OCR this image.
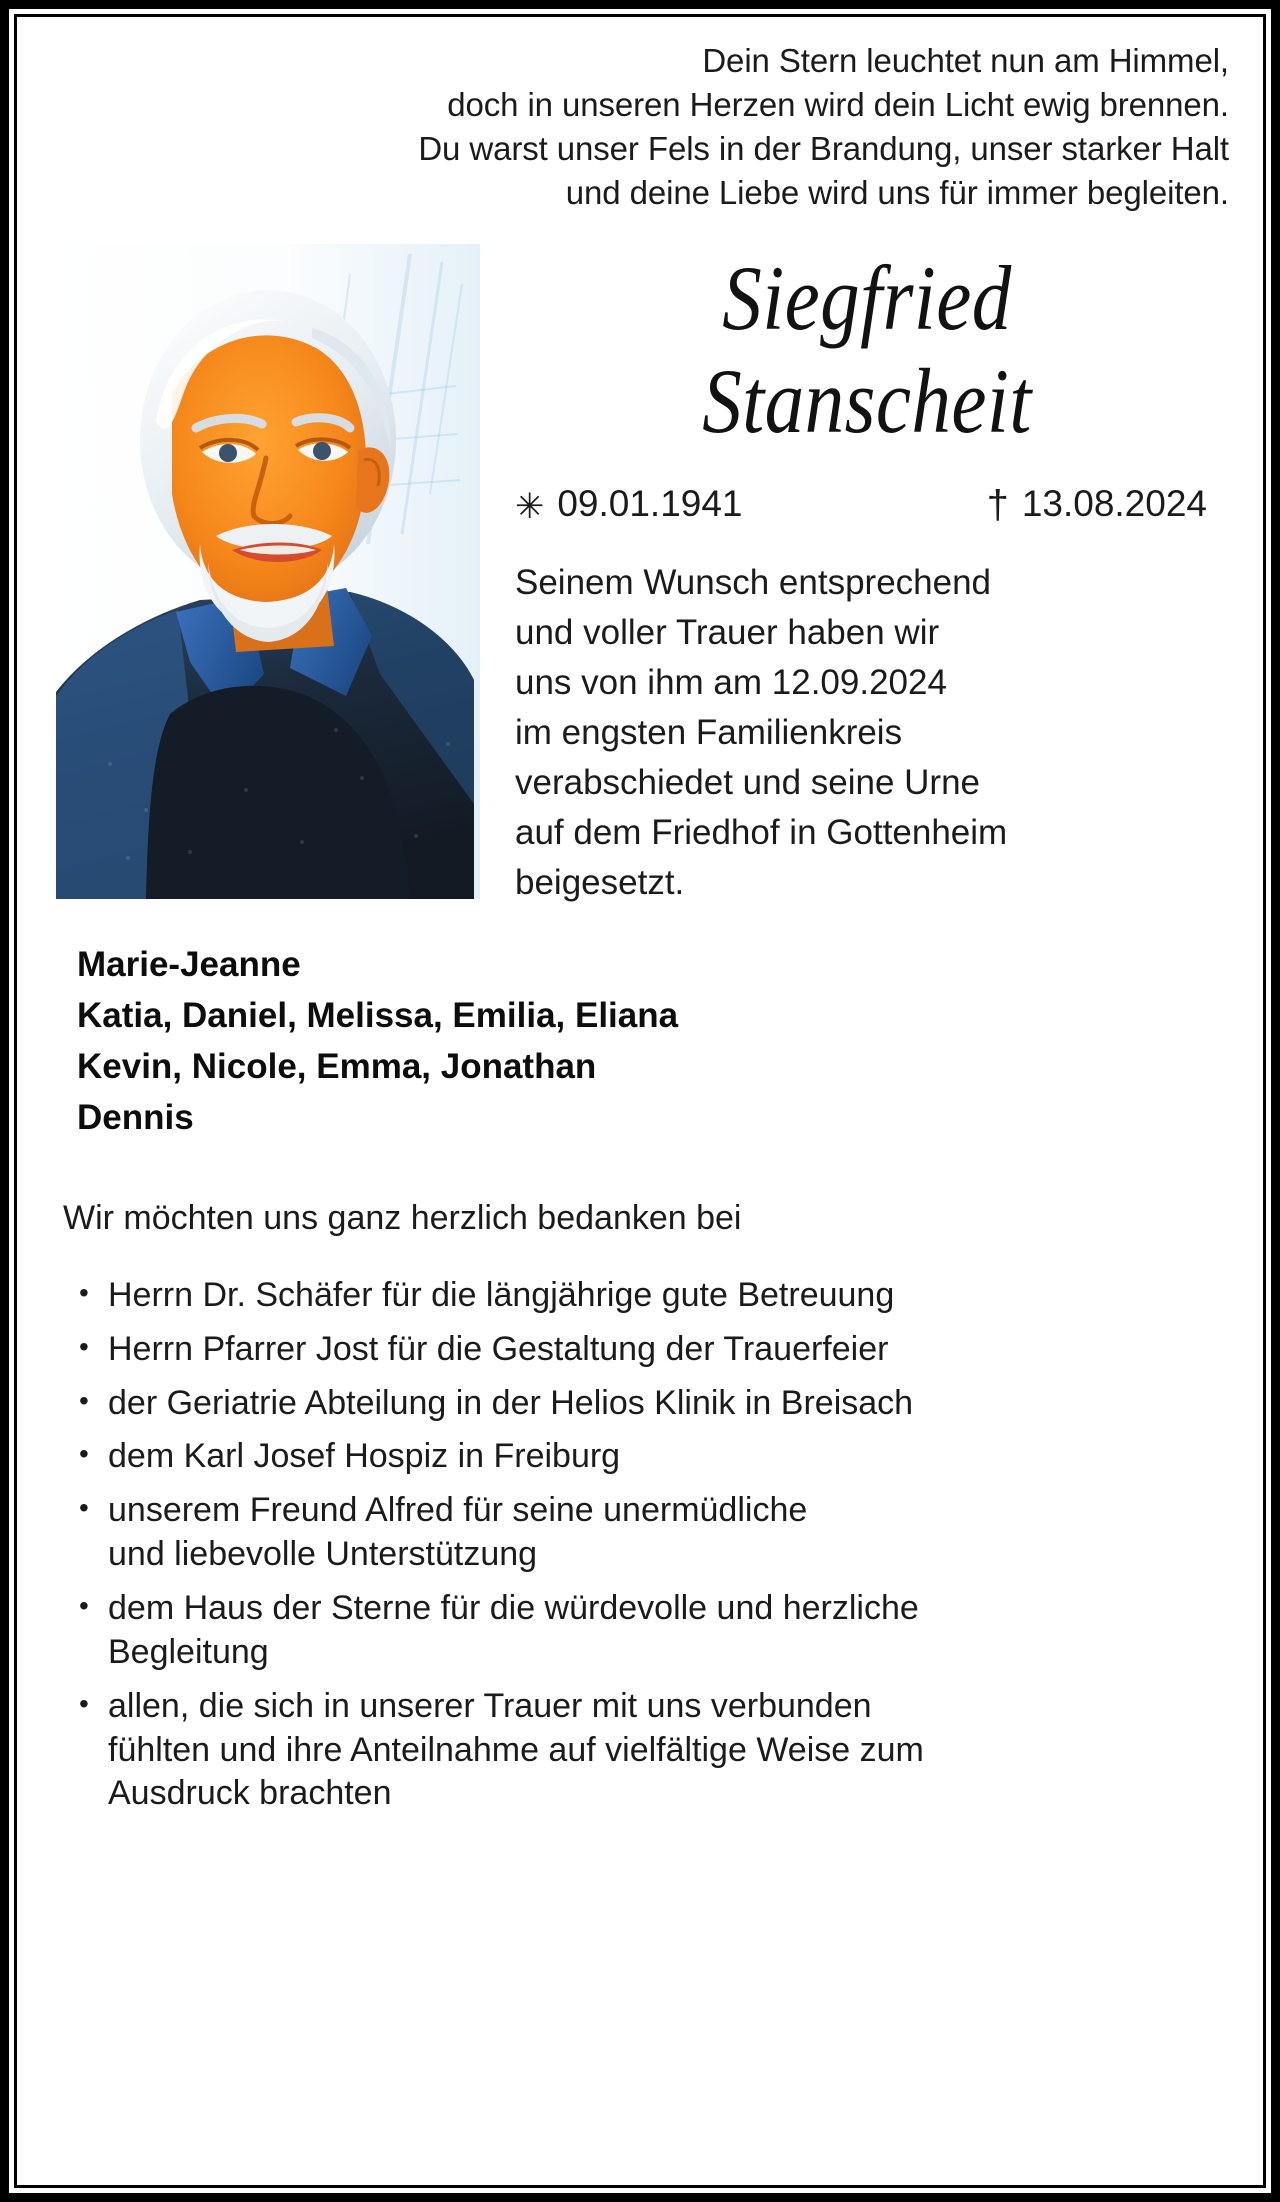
Dein Stern leuchtet nun am Himmel,
doch in unseren Herzen wird dein Licht ewig brennen.
Du warst unser Fels in der Brandung, unser starker Halt
und deine Liebe wird uns für immer begleiten.
Siegfried
Stanscheit
✳ 09.01.1941	† 13.08.2024
Seinem Wunsch entsprechend
und voller Trauer haben wir
uns von ihm am 12.09.2024
im engsten Familienkreis
verabschiedet und seine Urne
auf dem Friedhof in Gottenheim
beigesetzt.
Marie-Jeanne
Katia, Daniel, Melissa, Emilia, Eliana
Kevin, Nicole, Emma, Jonathan
Dennis
Wir möchten uns ganz herzlich bedanken bei
• Herrn Dr. Schäfer für die längjährige gute Betreuung
• Herrn Pfarrer Jost für die Gestaltung der Trauerfeier
• der Geriatrie Abteilung in der Helios Klinik in Breisach
• dem Karl Josef Hospiz in Freiburg
• unserem Freund Alfred für seine unermüdliche
und liebevolle Unterstützung
• dem Haus der Sterne für die würdevolle und herzliche
Begleitung
• allen, die sich in unserer Trauer mit uns verbunden
fühlten und ihre Anteilnahme auf vielfältige Weise zum
Ausdruck brachten
